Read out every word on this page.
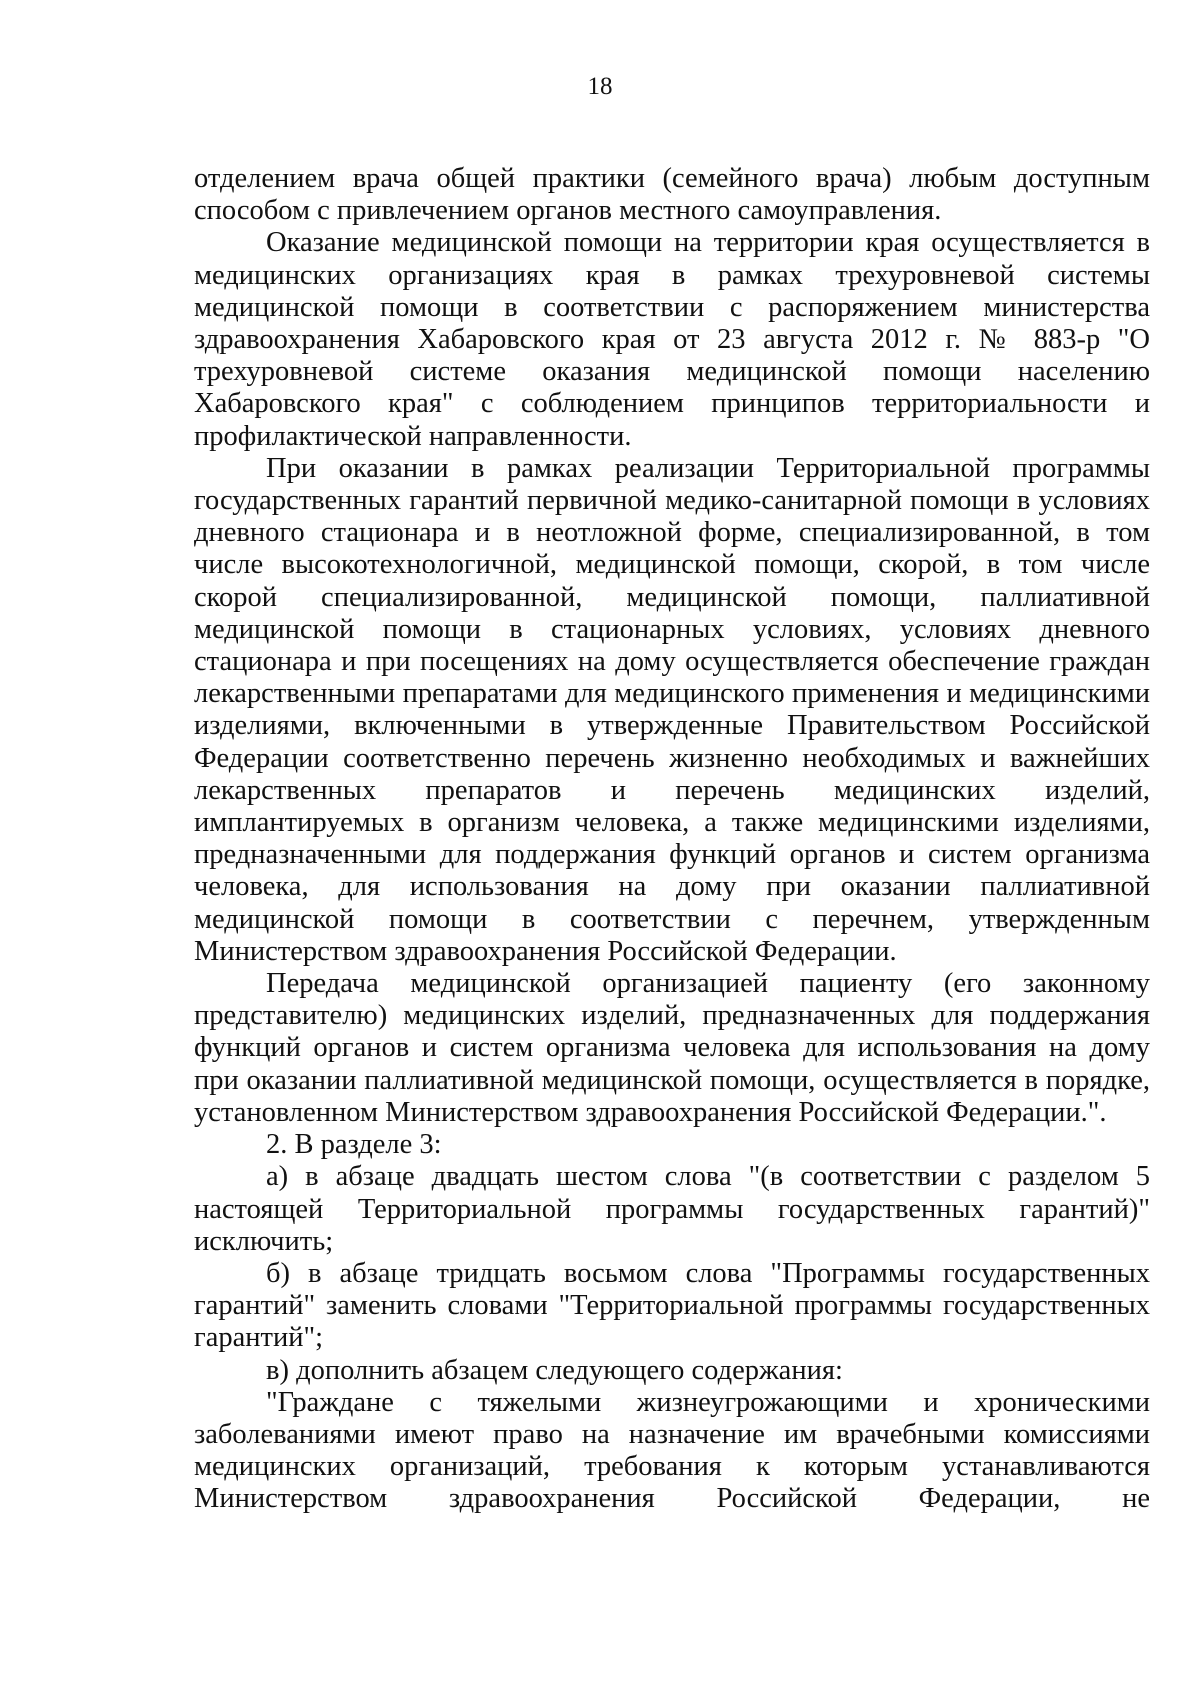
18

отделением врача общей практики (семейного врача) любым доступным способом с привлечением органов местного самоуправления.

Оказание медицинской помощи на территории края осуществляется в медицинских организациях края в рамках трехуровневой системы медицинской помощи в соответствии с распоряжением министерства здравоохранения Хабаровского края от 23 августа 2012 г. № 883-р "О трехуровневой системе оказания медицинской помощи населению Хабаровского края" с соблюдением принципов территориальности и профилактической направленности.

При оказании в рамках реализации Территориальной программы государственных гарантий первичной медико-санитарной помощи в условиях дневного стационара и в неотложной форме, специализированной, в том числе высокотехнологичной, медицинской помощи, скорой, в том числе скорой специализированной, медицинской помощи, паллиативной медицинской помощи в стационарных условиях, условиях дневного стационара и при посещениях на дому осуществляется обеспечение граждан лекарственными препаратами для медицинского применения и медицинскими изделиями, включенными в утвержденные Правительством Российской Федерации соответственно перечень жизненно необходимых и важнейших лекарственных препаратов и перечень медицинских изделий, имплантируемых в организм человека, а также медицинскими изделиями, предназначенными для поддержания функций органов и систем организма человека, для использования на дому при оказании паллиативной медицинской помощи в соответствии с перечнем, утвержденным Министерством здравоохранения Российской Федерации.

Передача медицинской организацией пациенту (его законному представителю) медицинских изделий, предназначенных для поддержания функций органов и систем организма человека для использования на дому при оказании паллиативной медицинской помощи, осуществляется в порядке, установленном Министерством здравоохранения Российской Федерации.".

2. В разделе 3:

а) в абзаце двадцать шестом слова "(в соответствии с разделом 5 настоящей Территориальной программы государственных гарантий)" исключить;

б) в абзаце тридцать восьмом слова "Программы государственных гарантий" заменить словами "Территориальной программы государственных гарантий";

в) дополнить абзацем следующего содержания:

"Граждане с тяжелыми жизнеугрожающими и хроническими заболеваниями имеют право на назначение им врачебными комиссиями медицинских организаций, требования к которым устанавливаются Министерством здравоохранения Российской Федерации, не
